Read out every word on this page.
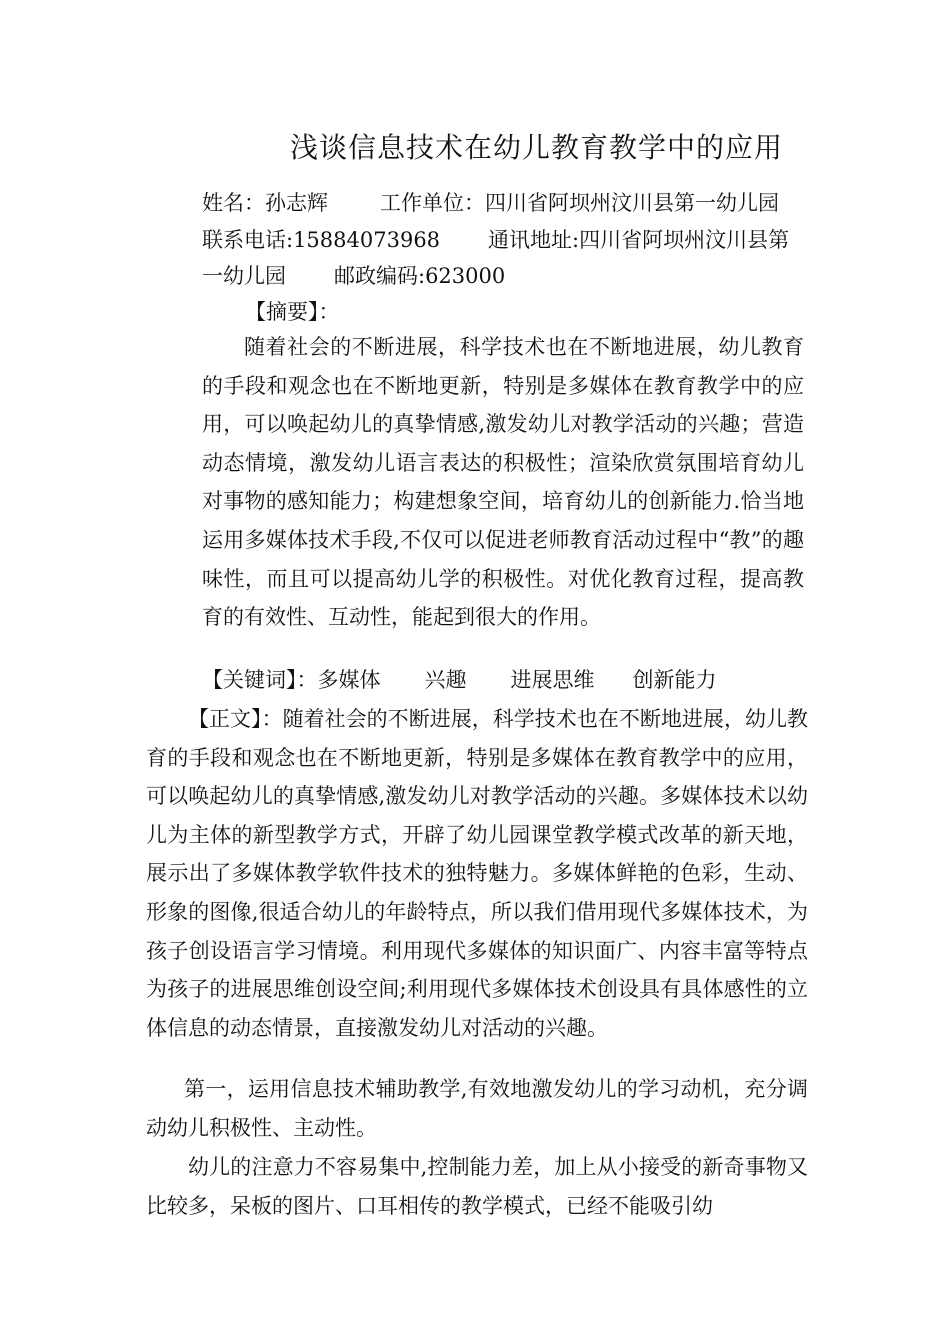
浅谈信息技术在幼儿教育教学中的应用
姓名：孙志辉 工作单位：四川省阿坝州汶川县第一幼儿园
联系电话:15884073968 通讯地址:四川省阿坝州汶川县第
一幼儿园 邮政编码:623000
【摘要】：
随着社会的不断进展，科学技术也在不断地进展，幼儿教育的手段和观念也在不断地更新，特别是多媒体在教育教学中的应用，可以唤起幼儿的真挚情感,激发幼儿对教学活动的兴趣；营造动态情境，激发幼儿语言表达的积极性；渲染欣赏氛围培育幼儿对事物的感知能力；构建想象空间，培育幼儿的创新能力.恰当地运用多媒体技术手段,不仅可以促进老师教育活动过程中“教”的趣味性，而且可以提高幼儿学的积极性。对优化教育过程，提高教育的有效性、互动性，能起到很大的作用。
【关键词】：多媒体 兴趣 进展思维 创新能力
【正文】：随着社会的不断进展，科学技术也在不断地进展，幼儿教育的手段和观念也在不断地更新，特别是多媒体在教育教学中的应用，可以唤起幼儿的真挚情感,激发幼儿对教学活动的兴趣。多媒体技术以幼儿为主体的新型教学方式，开辟了幼儿园课堂教学模式改革的新天地，展示出了多媒体教学软件技术的独特魅力。多媒体鲜艳的色彩，生动、形象的图像,很适合幼儿的年龄特点，所以我们借用现代多媒体技术，为孩子创设语言学习情境。利用现代多媒体的知识面广、内容丰富等特点为孩子的进展思维创设空间;利用现代多媒体技术创设具有具体感性的立体信息的动态情景，直接激发幼儿对活动的兴趣。
第一，运用信息技术辅助教学,有效地激发幼儿的学习动机，充分调动幼儿积极性、主动性。
幼儿的注意力不容易集中,控制能力差，加上从小接受的新奇事物又比较多，呆板的图片、口耳相传的教学模式，已经不能吸引幼
